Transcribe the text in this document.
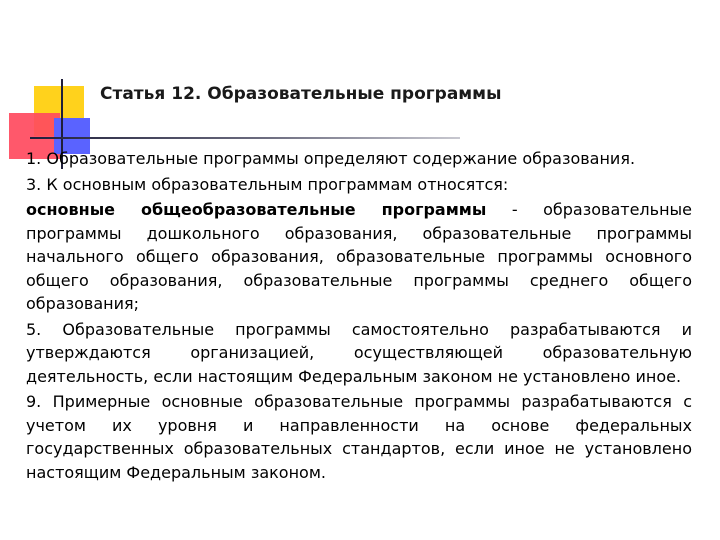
Статья 12. Образовательные программы

1. Образовательные программы определяют содержание образования.

3. К основным образовательным программам относятся:

основные общеобразовательные программы - образовательные программы дошкольного образования, образовательные программы начального общего образования, образовательные программы основного общего образования, образовательные программы среднего общего образования;

5. Образовательные программы самостоятельно разрабатываются и утверждаются организацией, осуществляющей образовательную деятельность, если настоящим Федеральным законом не установлено иное.

9. Примерные основные образовательные программы разрабатываются с учетом их уровня и направленности на основе федеральных государственных образовательных стандартов, если иное не установлено настоящим Федеральным законом.
